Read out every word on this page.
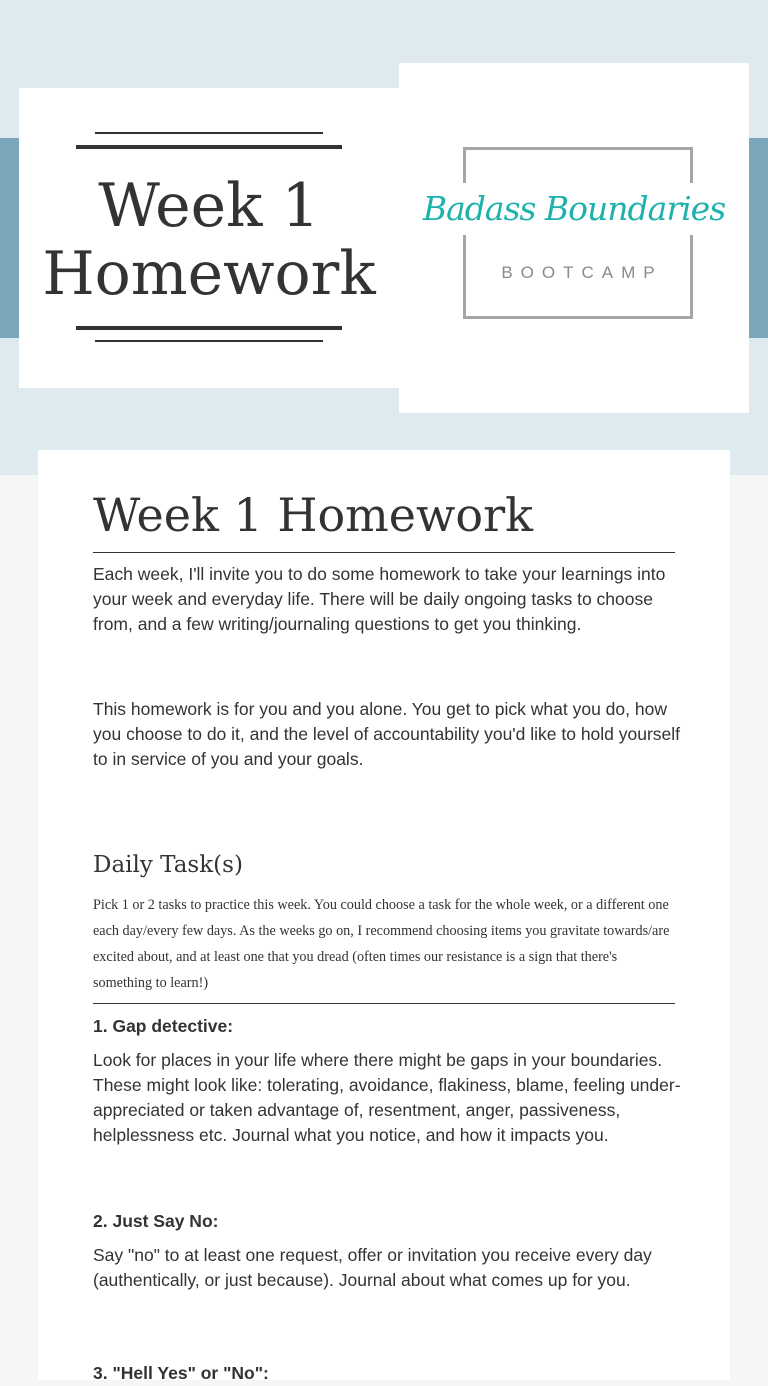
Week 1
Homework
Badass Boundaries
BOOTCAMP
Week 1 Homework

Each week, I'll invite you to do some homework to take your learnings into your week and everyday life. There will be daily ongoing tasks to choose from, and a few writing/journaling questions to get you thinking.

This homework is for you and you alone. You get to pick what you do, how you choose to do it, and the level of accountability you'd like to hold yourself to in service of you and your goals.

Daily Task(s)

Pick 1 or 2 tasks to practice this week. You could choose a task for the whole week, or a different one each day/every few days. As the weeks go on, I recommend choosing items you gravitate towards/are excited about, and at least one that you dread (often times our resistance is a sign that there's something to learn!)

1. Gap detective:

Look for places in your life where there might be gaps in your boundaries. These might look like: tolerating, avoidance, flakiness, blame, feeling under-appreciated or taken advantage of, resentment, anger, passiveness, helplessness etc. Journal what you notice, and how it impacts you.

2. Just Say No:

Say "no" to at least one request, offer or invitation you receive every day (authentically, or just because). Journal about what comes up for you.

3. "Hell Yes" or "No":
